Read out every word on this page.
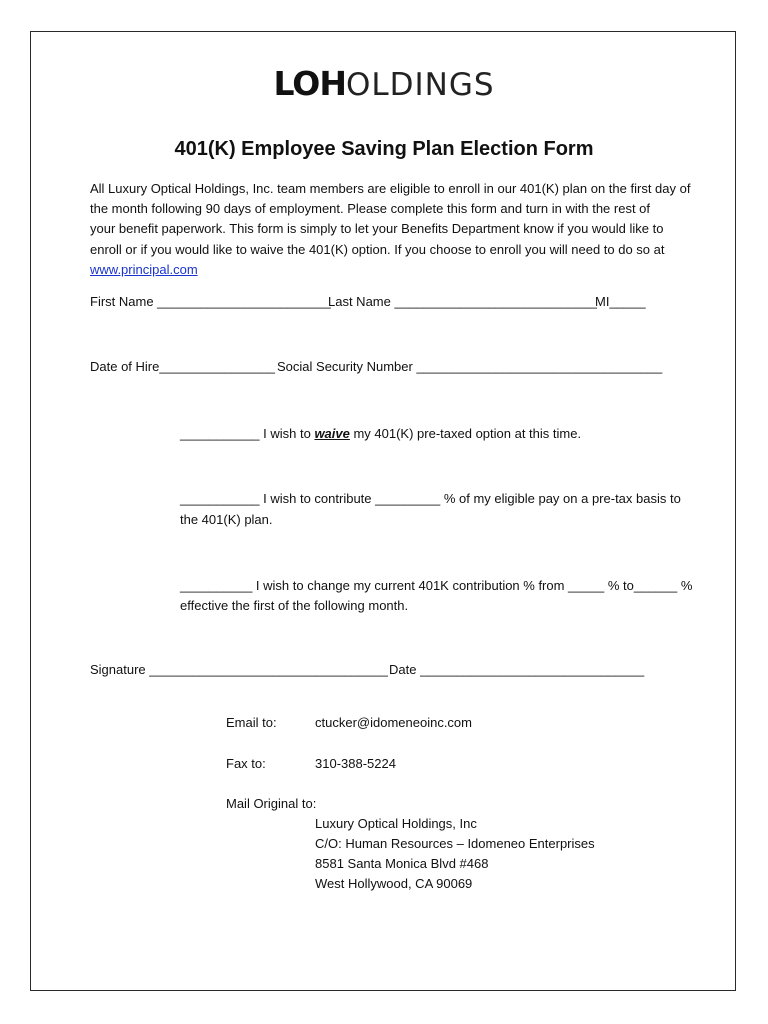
LOHOLDINGS
401(K) Employee Saving Plan Election Form
All Luxury Optical Holdings, Inc. team members are eligible to enroll in our 401(K) plan on the first day of
the month following 90 days of employment. Please complete this form and turn in with the rest of
your benefit paperwork. This form is simply to let your Benefits Department know if you would like to
enroll or if you would like to waive the 401(K) option. If you choose to enroll you will need to do so at
www.principal.com
First Name ________________________
Last Name ____________________________
MI_____
Date of Hire________________ Social Security Number __________________________________
___________ I wish to waive my 401(K) pre-taxed option at this time.
___________ I wish to contribute _________ % of my eligible pay on a pre-tax basis to
the 401(K) plan.
__________ I wish to change my current 401K contribution % from _____ % to______ %
effective the first of the following month.
Signature _________________________________ Date _______________________________
Email to:	ctucker@idomeneoinc.com
Fax to:	310-388-5224
Mail Original to:
Luxury Optical Holdings, Inc
C/O: Human Resources – Idomeneo Enterprises
8581 Santa Monica Blvd #468
West Hollywood, CA 90069
